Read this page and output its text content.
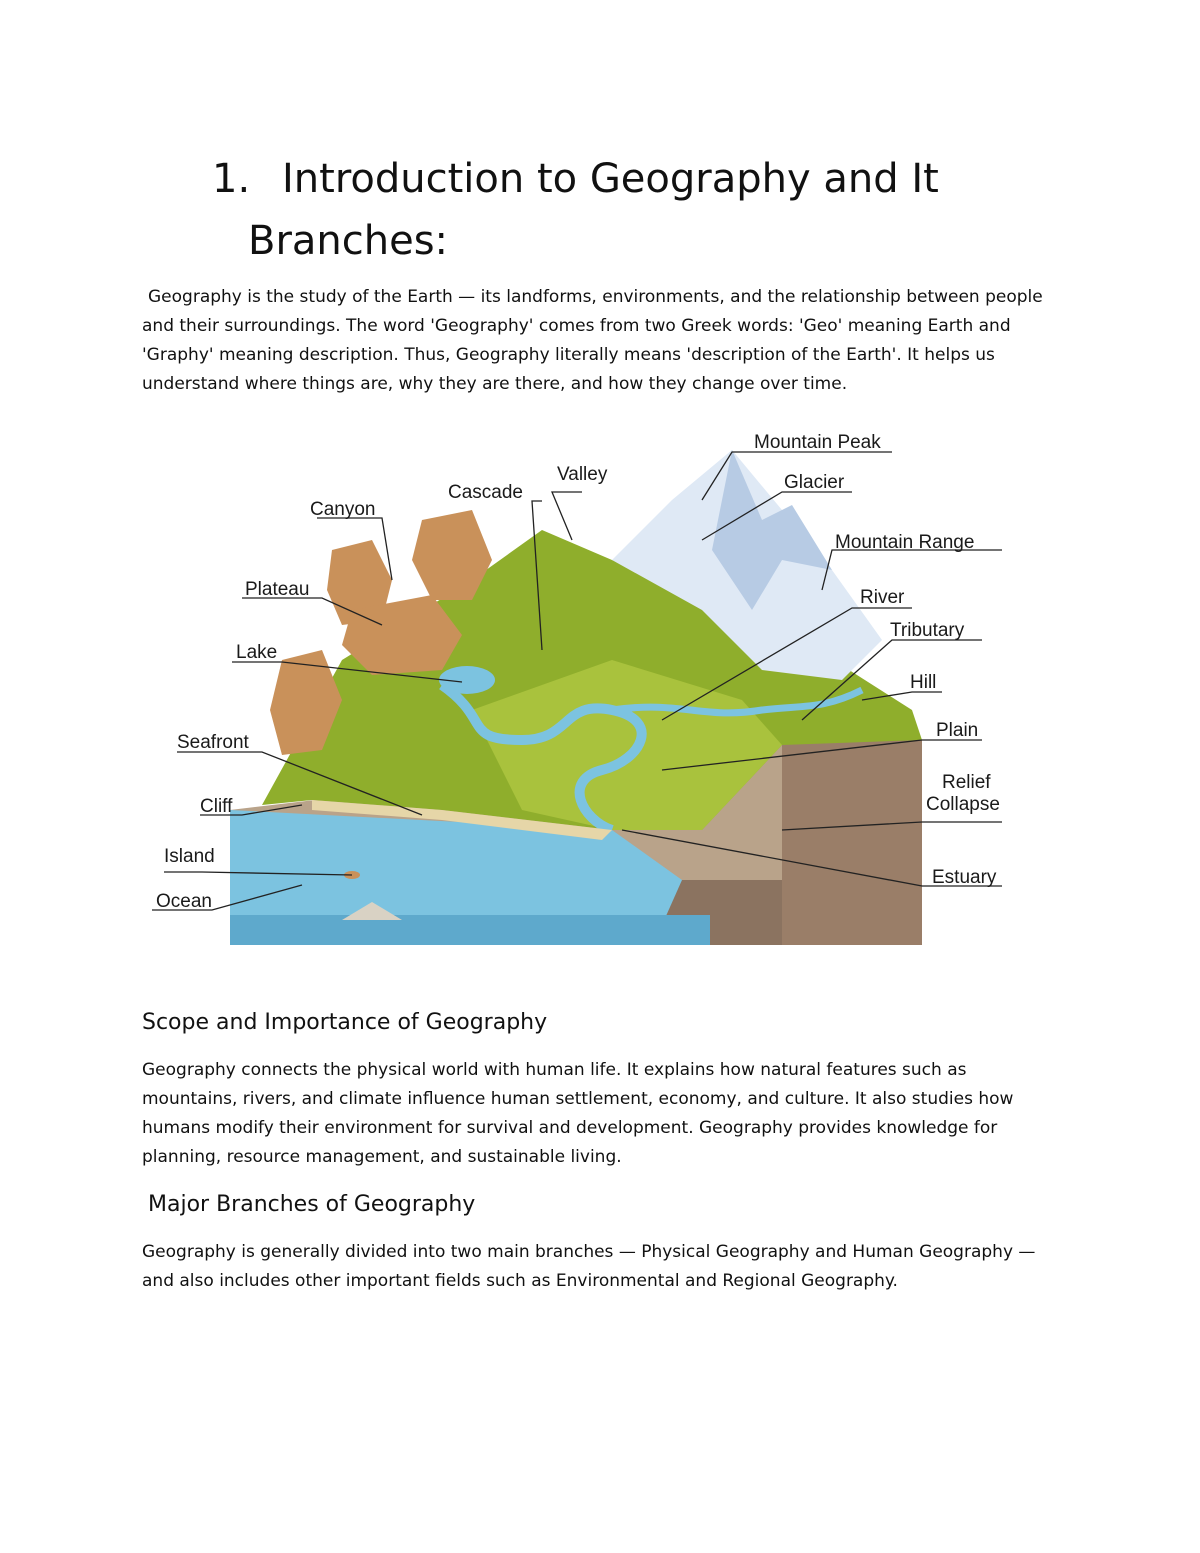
1. Introduction to Geography and It
Branches:
Geography is the study of the Earth — its landforms, environments, and the relationship between people and their surroundings. The word 'Geography' comes from two Greek words: 'Geo' meaning Earth and 'Graphy' meaning description. Thus, Geography literally means 'description of the Earth'. It helps us understand where things are, why they are there, and how they change over time.
Mountain Peak
Glacier
Mountain Range
River
Tributary
Hill
Plain
Relief
Collapse
Estuary
Valley
Cascade
Canyon
Plateau
Lake
Seafront
Cliff
Island
Ocean
Scope and Importance of Geography
Geography connects the physical world with human life. It explains how natural features such as mountains, rivers, and climate influence human settlement, economy, and culture. It also studies how humans modify their environment for survival and development. Geography provides knowledge for planning, resource management, and sustainable living.
Major Branches of Geography
Geography is generally divided into two main branches — Physical Geography and Human Geography — and also includes other important fields such as Environmental and Regional Geography.
